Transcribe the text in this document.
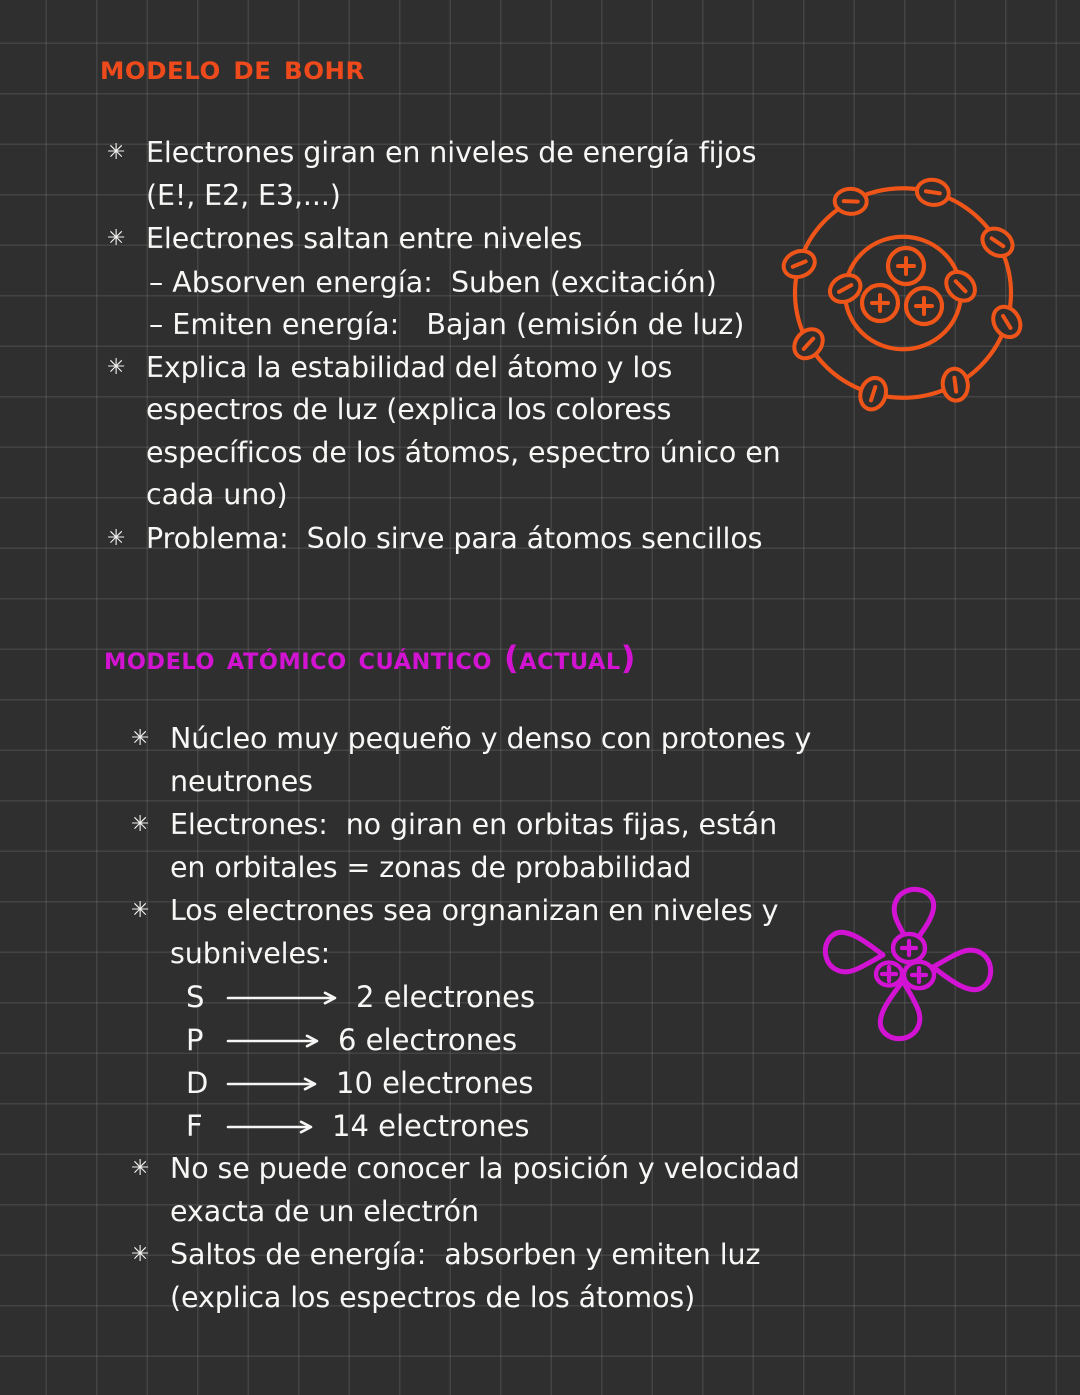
modelo de bohr
✳ Electrones giran en niveles de energía fijos
(E!, E2, E3,...)
✳ Electrones saltan entre niveles
– Absorven energía:  Suben (excitación)
– Emiten energía:   Bajan (emisión de luz)
✳ Explica la estabilidad del átomo y los
espectros de luz (explica los coloress
específicos de los átomos, espectro único en
cada uno)
✳ Problema:  Solo sirve para átomos sencillos
modelo atómico cuántico (actual)
✳ Núcleo muy pequeño y denso con protones y
neutrones
✳ Electrones:  no giran en orbitas fijas, están
en orbitales = zonas de probabilidad
✳ Los electrones sea orgnanizan en niveles y
subniveles:
S	2 electrones
P	6 electrones
D	10 electrones
F	14 electrones
✳ No se puede conocer la posición y velocidad
exacta de un electrón
✳ Saltos de energía:  absorben y emiten luz
(explica los espectros de los átomos)
